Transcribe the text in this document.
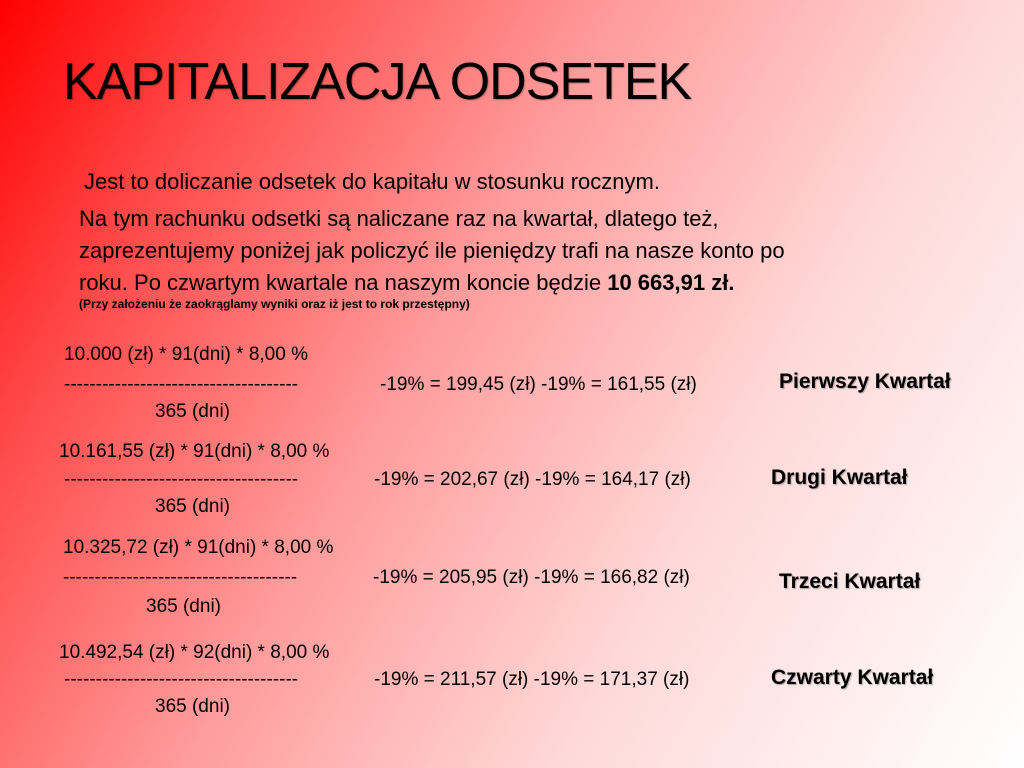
KAPITALIZACJA ODSETEK
Jest to doliczanie odsetek do kapitału w stosunku rocznym.
Na tym rachunku odsetki są naliczane raz na kwartał, dlatego też,
zaprezentujemy poniżej jak policzyć ile pieniędzy trafi na nasze konto po
roku. Po czwartym kwartale na naszym koncie będzie 10 663,91 zł.
(Przy założeniu że zaokrąglamy wyniki oraz iż jest to rok przestępny)
10.000 (zł) * 91(dni) * 8,00 %
-------------------------------------	-19% = 199,45 (zł) -19% = 161,55 (zł)
365 (dni)
Pierwszy Kwartał
10.161,55 (zł) * 91(dni) * 8,00 %
-------------------------------------	-19% = 202,67 (zł) -19% = 164,17 (zł)
365 (dni)
Drugi Kwartał
10.325,72 (zł) * 91(dni) * 8,00 %
-------------------------------------	-19% = 205,95 (zł) -19% = 166,82 (zł)
365 (dni)
Trzeci Kwartał
10.492,54 (zł) * 92(dni) * 8,00 %
-------------------------------------	-19% = 211,57 (zł) -19% = 171,37 (zł)
365 (dni)
Czwarty Kwartał
